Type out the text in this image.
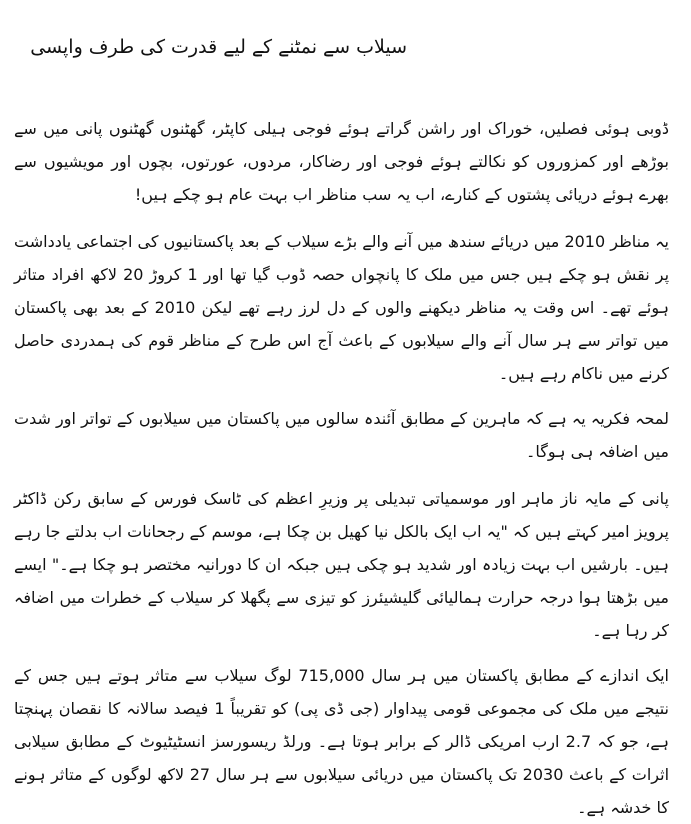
سیلاب سے نمٹنے کے لیے قدرت کی طرف واپسی

ڈوبی ہوئی فصلیں، خوراک اور راشن گراتے ہوئے فوجی ہیلی کاپٹر، گھٹنوں گھٹنوں پانی میں سے بوڑھے اور کمزوروں کو نکالتے ہوئے فوجی اور رضاکار، مردوں، عورتوں، بچوں اور مویشیوں سے بھرے ہوئے دریائی پشتوں کے کنارے، اب یہ سب مناظر اب بہت عام ہو چکے ہیں!

یہ مناظر 2010 میں دریائے سندھ میں آنے والے بڑے سیلاب کے بعد پاکستانیوں کی اجتماعی یادداشت پر نقش ہو چکے ہیں جس میں ملک کا پانچواں حصہ ڈوب گیا تھا اور 1 کروڑ 20 لاکھ افراد متاثر ہوئے تھے۔ اس وقت یہ مناظر دیکھنے والوں کے دل لرز رہے تھے لیکن 2010 کے بعد بھی پاکستان میں تواتر سے ہر سال آنے والے سیلابوں کے باعث آج اس طرح کے مناظر قوم کی ہمدردی حاصل کرنے میں ناکام رہے ہیں۔

لمحہ فکریہ یہ ہے کہ ماہرین کے مطابق آئندہ سالوں میں پاکستان میں سیلابوں کے تواتر اور شدت میں اضافہ ہی ہوگا۔

پانی کے مایہ ناز ماہر اور موسمیاتی تبدیلی پر وزیرِ اعظم کی ٹاسک فورس کے سابق رکن ڈاکٹر پرویز امیر کہتے ہیں کہ "یہ اب ایک بالکل نیا کھیل بن چکا ہے، موسم کے رجحانات اب بدلتے جا رہے ہیں۔ بارشیں اب بہت زیادہ اور شدید ہو چکی ہیں جبکہ ان کا دورانیہ مختصر ہو چکا ہے۔" ایسے میں بڑھتا ہوا درجہ حرارت ہمالیائی گلیشیئرز کو تیزی سے پگھلا کر سیلاب کے خطرات میں اضافہ کر رہا ہے۔

ایک اندازے کے مطابق پاکستان میں ہر سال 715,000 لوگ سیلاب سے متاثر ہوتے ہیں جس کے نتیجے میں ملک کی مجموعی قومی پیداوار (جی ڈی پی) کو تقریباً 1 فیصد سالانہ کا نقصان پہنچتا ہے، جو کہ 2.7 ارب امریکی ڈالر کے برابر ہوتا ہے۔ ورلڈ ریسورسز انسٹیٹیوٹ کے مطابق سیلابی اثرات کے باعث 2030 تک پاکستان میں دریائی سیلابوں سے ہر سال 27 لاکھ لوگوں کے متاثر ہونے کا خدشہ ہے۔
